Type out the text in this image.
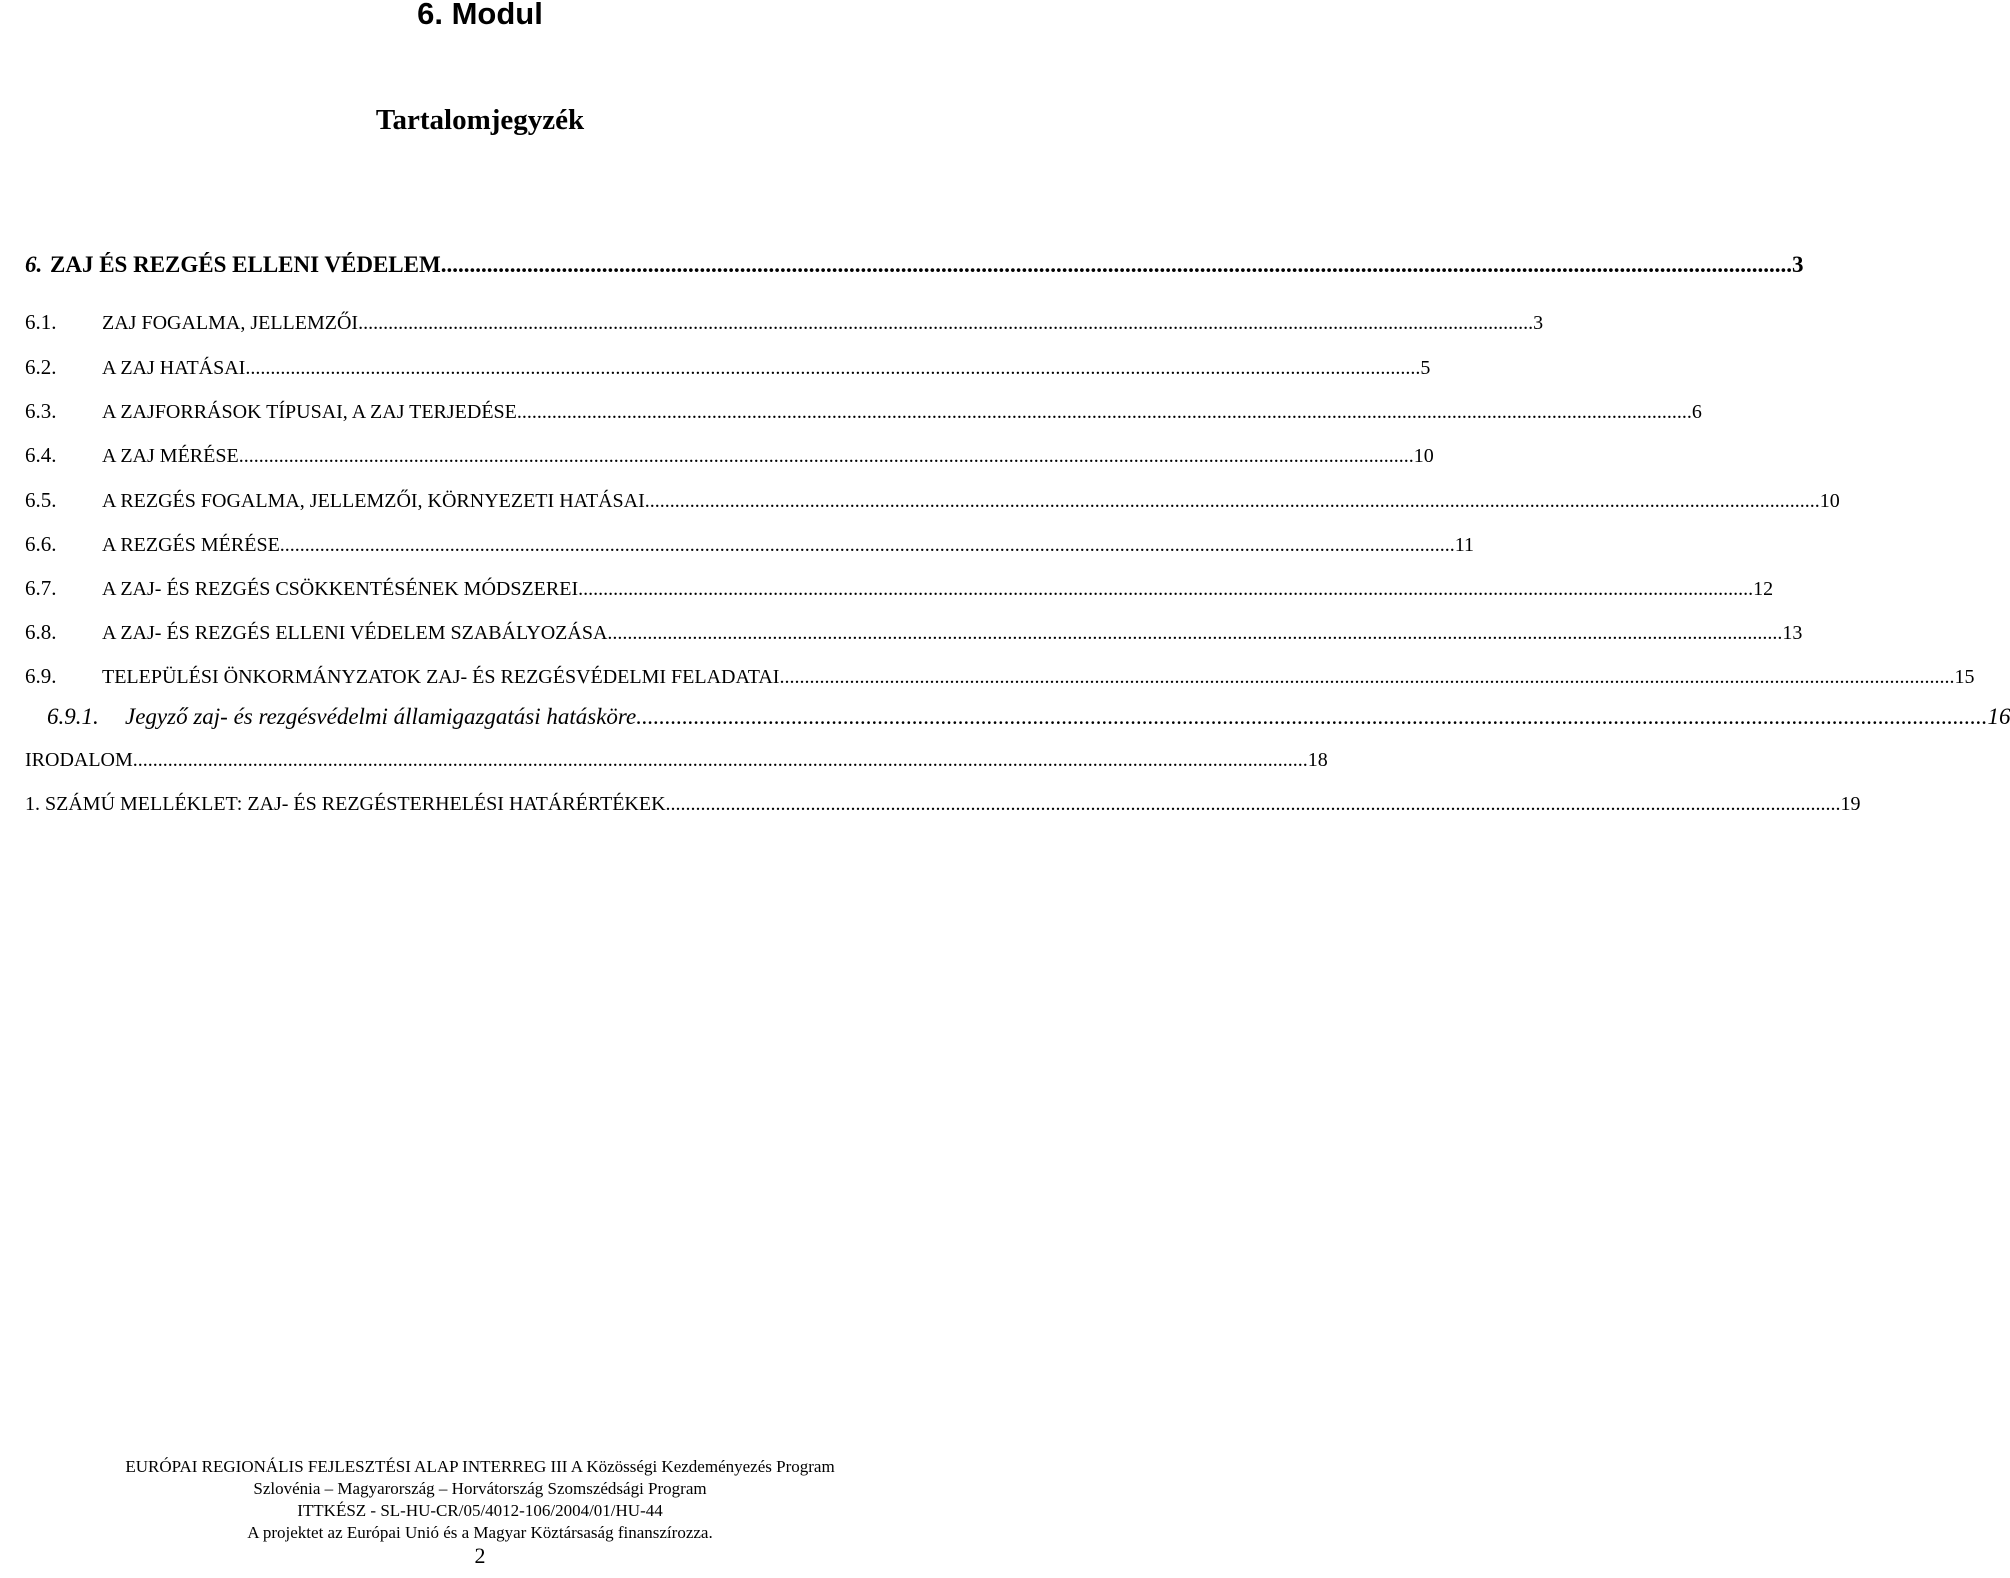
6. Modul
Tartalomjegyzék
6. ZAJ ÉS REZGÉS ELLENI VÉDELEM .....	3
6.1.	ZAJ FOGALMA, JELLEMZŐI .....	3
6.2.	A ZAJ HATÁSAI .....	5
6.3.	A ZAJFORRÁSOK TÍPUSAI, A ZAJ TERJEDÉSE .....	6
6.4.	A ZAJ MÉRÉSE .....	10
6.5.	A REZGÉS FOGALMA, JELLEMZŐI, KÖRNYEZETI HATÁSAI .....	10
6.6.	A REZGÉS MÉRÉSE .....	11
6.7.	A ZAJ- ÉS REZGÉS CSÖKKENTÉSÉNEK MÓDSZEREI .....	12
6.8.	A ZAJ- ÉS REZGÉS ELLENI VÉDELEM SZABÁLYOZÁSA .....	13
6.9.	TELEPÜLÉSI ÖNKORMÁNYZATOK ZAJ- ÉS REZGÉSVÉDELMI FELADATAI .....	15
6.9.1.	Jegyző zaj- és rezgésvédelmi államigazgatási hatásköre .....	16
IRODALOM .....	18
1. SZÁMÚ MELLÉKLET: ZAJ- ÉS REZGÉSTERHELÉSI HATÁRÉRTÉKEK .....	19
EURÓPAI REGIONÁLIS FEJLESZTÉSI ALAP INTERREG III A Közösségi Kezdeményezés Program
Szlovénia – Magyarország – Horvátország Szomszédsági Program
ITTKÉSZ - SL-HU-CR/05/4012-106/2004/01/HU-44
A projektet az Európai Unió és a Magyar Köztársaság finanszírozza.
2
